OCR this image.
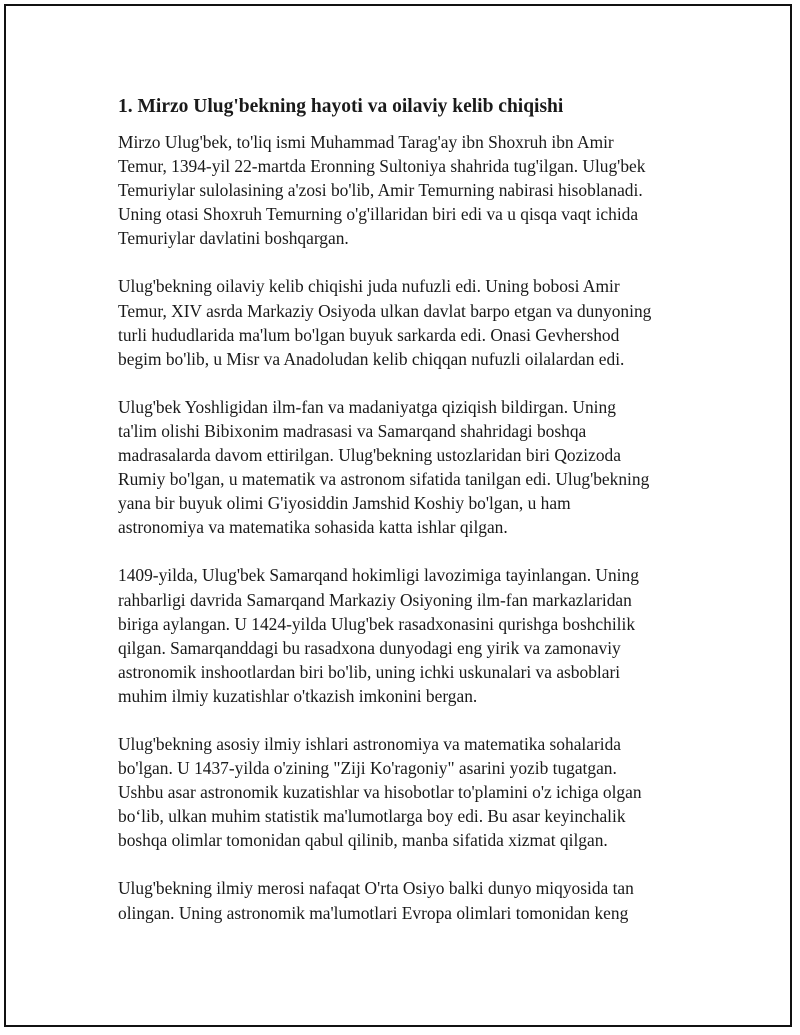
1. Mirzo Ulug'bekning hayoti va oilaviy kelib chiqishi

Mirzo Ulug'bek, to'liq ismi Muhammad Tarag'ay ibn Shoxruh ibn Amir
Temur, 1394-yil 22-martda Eronning Sultoniya shahrida tug'ilgan. Ulug'bek
Temuriylar sulolasining a'zosi bo'lib, Amir Temurning nabirasi hisoblanadi.
Uning otasi Shoxruh Temurning o'g'illaridan biri edi va u qisqa vaqt ichida
Temuriylar davlatini boshqargan.

Ulug'bekning oilaviy kelib chiqishi juda nufuzli edi. Uning bobosi Amir
Temur, XIV asrda Markaziy Osiyoda ulkan davlat barpo etgan va dunyoning
turli hududlarida ma'lum bo'lgan buyuk sarkarda edi. Onasi Gevhershod
begim bo'lib, u Misr va Anadoludan kelib chiqqan nufuzli oilalardan edi.

Ulug'bek Yoshligidan ilm-fan va madaniyatga qiziqish bildirgan. Uning
ta'lim olishi Bibixonim madrasasi va Samarqand shahridagi boshqa
madrasalarda davom ettirilgan. Ulug'bekning ustozlaridan biri Qozizoda
Rumiy bo'lgan, u matematik va astronom sifatida tanilgan edi. Ulug'bekning
yana bir buyuk olimi G'iyosiddin Jamshid Koshiy bo'lgan, u ham
astronomiya va matematika sohasida katta ishlar qilgan.

1409-yilda, Ulug'bek Samarqand hokimligi lavozimiga tayinlangan. Uning
rahbarligi davrida Samarqand Markaziy Osiyoning ilm-fan markazlaridan
biriga aylangan. U 1424-yilda Ulug'bek rasadxonasini qurishga boshchilik
qilgan. Samarqanddagi bu rasadxona dunyodagi eng yirik va zamonaviy
astronomik inshootlardan biri bo'lib, uning ichki uskunalari va asboblari
muhim ilmiy kuzatishlar o'tkazish imkonini bergan.

Ulug'bekning asosiy ilmiy ishlari astronomiya va matematika sohalarida
bo'lgan. U 1437-yilda o'zining "Ziji Ko'ragoniy" asarini yozib tugatgan.
Ushbu asar astronomik kuzatishlar va hisobotlar to'plamini o'z ichiga olgan
bo‘lib, ulkan muhim statistik ma'lumotlarga boy edi. Bu asar keyinchalik
boshqa olimlar tomonidan qabul qilinib, manba sifatida xizmat qilgan.

Ulug'bekning ilmiy merosi nafaqat O'rta Osiyo balki dunyo miqyosida tan
olingan. Uning astronomik ma'lumotlari Evropa olimlari tomonidan keng
